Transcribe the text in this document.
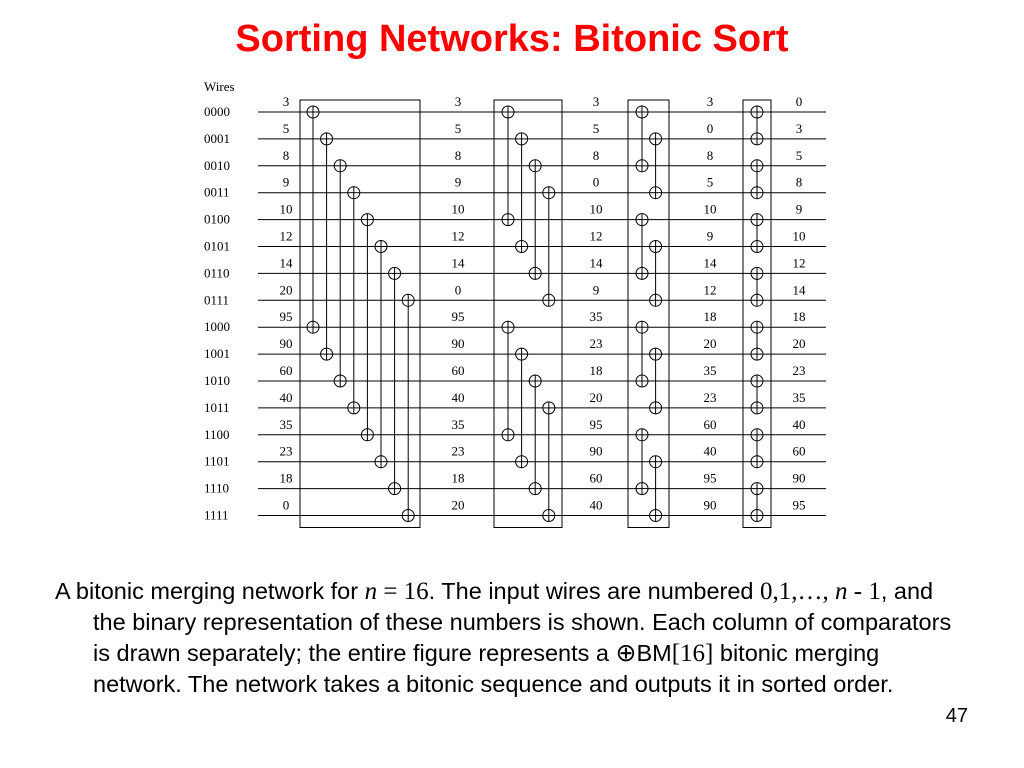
Sorting Networks: Bitonic Sort
Wires
0000
0001
0010
0011
0100
0101
0110
0111
1000
1001
1010
1011
1100
1101
1110
1111
3
5
8
9
10
12
14
20
95
90
60
40
35
23
18
0
3
5
8
9
10
12
14
0
95
90
60
40
35
23
18
20
3
5
8
0
10
12
14
9
35
23
18
20
95
90
60
40
3
0
8
5
10
9
14
12
18
20
35
23
60
40
95
90
0
3
5
8
9
10
12
14
18
20
23
35
40
60
90
95

A bitonic merging network for n = 16. The input wires are numbered 0,1,…, n - 1, and the binary representation of these numbers is shown. Each column of comparators is drawn separately; the entire figure represents a ⊕BM[16] bitonic merging network. The network takes a bitonic sequence and outputs it in sorted order.

47
